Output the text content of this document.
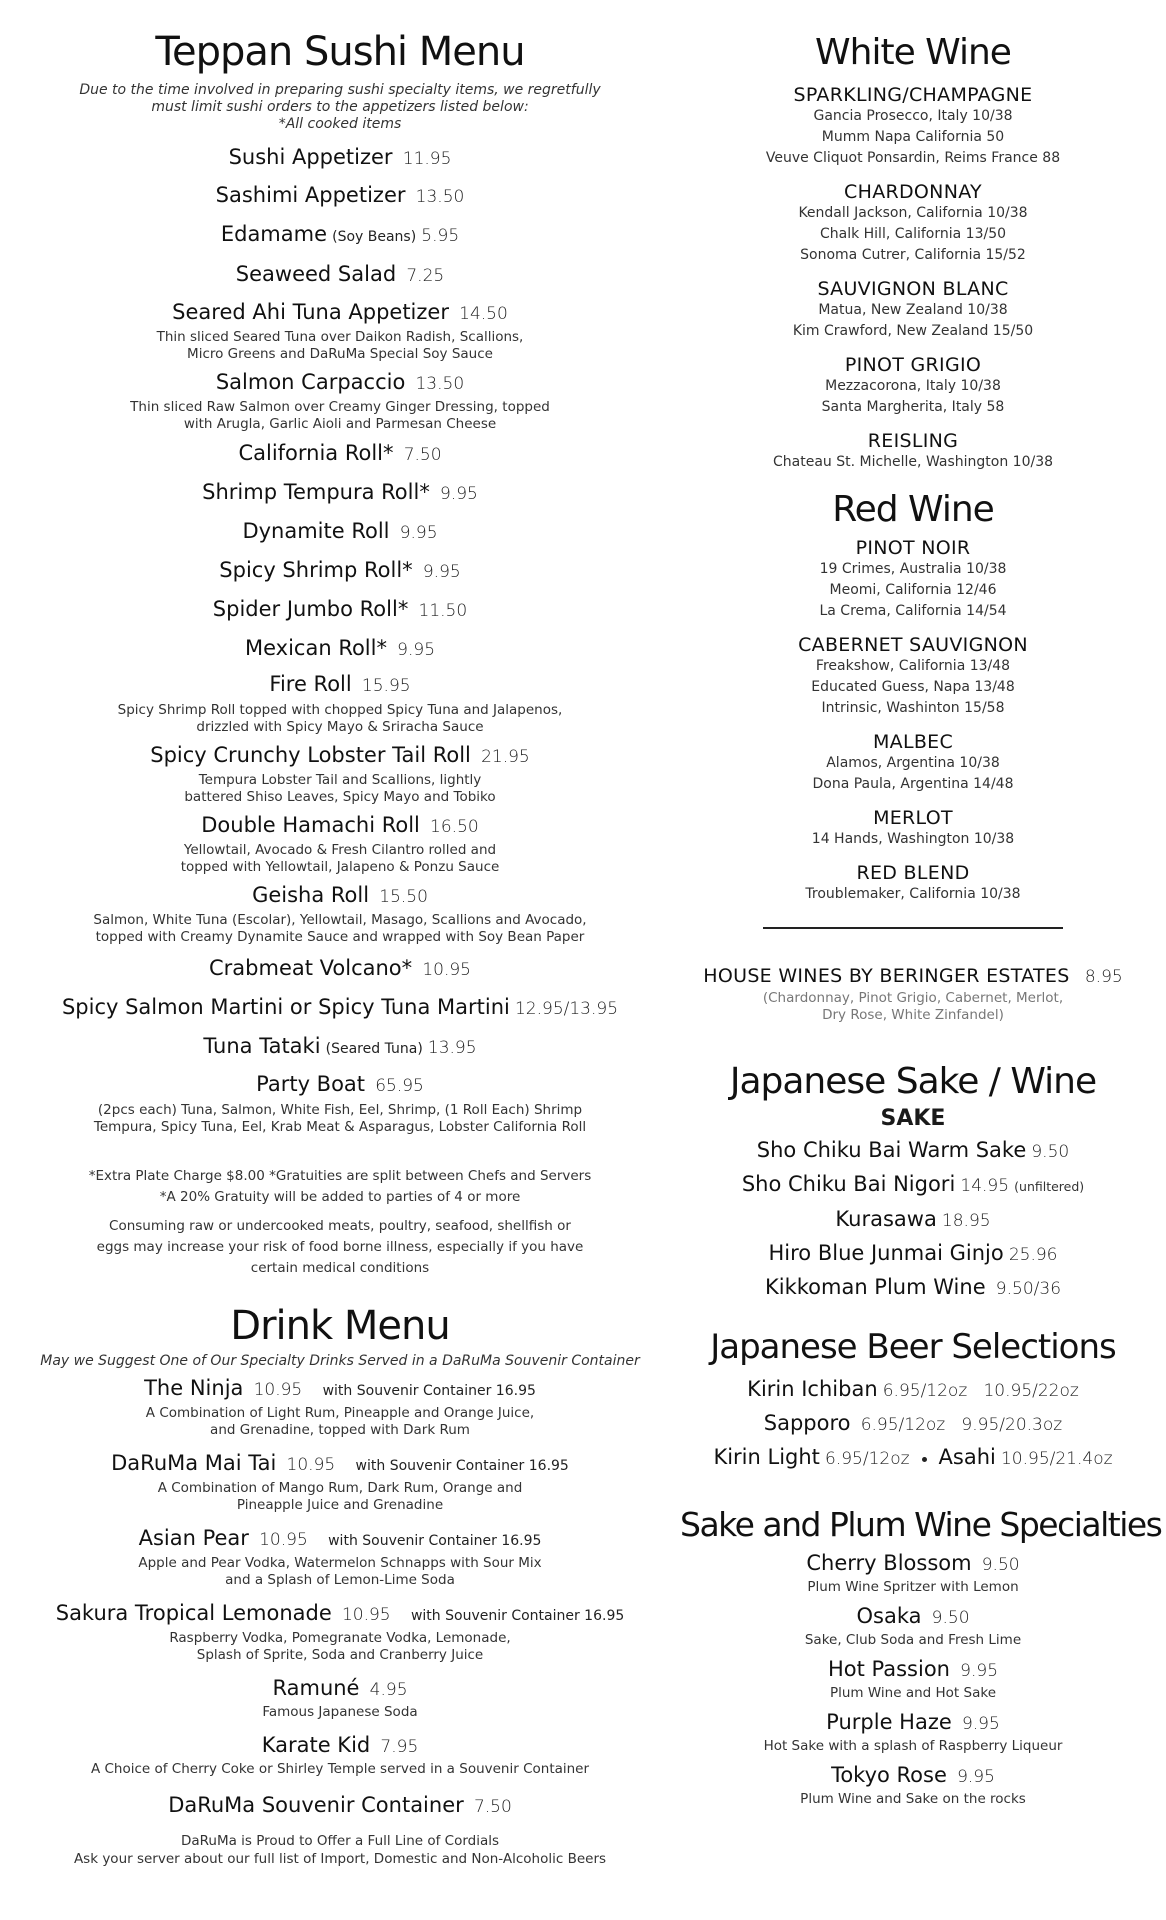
Teppan Sushi Menu
Due to the time involved in preparing sushi specialty items, we regretfully
must limit sushi orders to the appetizers listed below:
*All cooked items
Sushi Appetizer 11.95
Sashimi Appetizer 13.50
Edamame (Soy Beans) 5.95
Seaweed Salad 7.25
Seared Ahi Tuna Appetizer 14.50
Thin sliced Seared Tuna over Daikon Radish, Scallions,
Micro Greens and DaRuMa Special Soy Sauce
Salmon Carpaccio 13.50
Thin sliced Raw Salmon over Creamy Ginger Dressing, topped
with Arugla, Garlic Aioli and Parmesan Cheese
California Roll* 7.50
Shrimp Tempura Roll* 9.95
Dynamite Roll 9.95
Spicy Shrimp Roll* 9.95
Spider Jumbo Roll* 11.50
Mexican Roll* 9.95
Fire Roll 15.95
Spicy Shrimp Roll topped with chopped Spicy Tuna and Jalapenos,
drizzled with Spicy Mayo & Sriracha Sauce
Spicy Crunchy Lobster Tail Roll 21.95
Tempura Lobster Tail and Scallions, lightly
battered Shiso Leaves, Spicy Mayo and Tobiko
Double Hamachi Roll 16.50
Yellowtail, Avocado & Fresh Cilantro rolled and
topped with Yellowtail, Jalapeno & Ponzu Sauce
Geisha Roll 15.50
Salmon, White Tuna (Escolar), Yellowtail, Masago, Scallions and Avocado,
topped with Creamy Dynamite Sauce and wrapped with Soy Bean Paper
Crabmeat Volcano* 10.95
Spicy Salmon Martini or Spicy Tuna Martini 12.95/13.95
Tuna Tataki (Seared Tuna) 13.95
Party Boat 65.95
(2pcs each) Tuna, Salmon, White Fish, Eel, Shrimp, (1 Roll Each) Shrimp
Tempura, Spicy Tuna, Eel, Krab Meat & Asparagus, Lobster California Roll
*Extra Plate Charge $8.00 *Gratuities are split between Chefs and Servers
*A 20% Gratuity will be added to parties of 4 or more
Consuming raw or undercooked meats, poultry, seafood, shellfish or
eggs may increase your risk of food borne illness, especially if you have
certain medical conditions
Drink Menu
May we Suggest One of Our Specialty Drinks Served in a DaRuMa Souvenir Container
The Ninja 10.95 with Souvenir Container 16.95
A Combination of Light Rum, Pineapple and Orange Juice,
and Grenadine, topped with Dark Rum
DaRuMa Mai Tai 10.95 with Souvenir Container 16.95
A Combination of Mango Rum, Dark Rum, Orange and
Pineapple Juice and Grenadine
Asian Pear 10.95 with Souvenir Container 16.95
Apple and Pear Vodka, Watermelon Schnapps with Sour Mix
and a Splash of Lemon-Lime Soda
Sakura Tropical Lemonade 10.95 with Souvenir Container 16.95
Raspberry Vodka, Pomegranate Vodka, Lemonade,
Splash of Sprite, Soda and Cranberry Juice
Ramuné 4.95
Famous Japanese Soda
Karate Kid 7.95
A Choice of Cherry Coke or Shirley Temple served in a Souvenir Container
DaRuMa Souvenir Container 7.50
DaRuMa is Proud to Offer a Full Line of Cordials
Ask your server about our full list of Import, Domestic and Non-Alcoholic Beers
White Wine
SPARKLING/CHAMPAGNE
Gancia Prosecco, Italy 10/38
Mumm Napa California 50
Veuve Cliquot Ponsardin, Reims France 88
CHARDONNAY
Kendall Jackson, California 10/38
Chalk Hill, California 13/50
Sonoma Cutrer, California 15/52
SAUVIGNON BLANC
Matua, New Zealand 10/38
Kim Crawford, New Zealand 15/50
PINOT GRIGIO
Mezzacorona, Italy 10/38
Santa Margherita, Italy 58
REISLING
Chateau St. Michelle, Washington 10/38
Red Wine
PINOT NOIR
19 Crimes, Australia 10/38
Meomi, California 12/46
La Crema, California 14/54
CABERNET SAUVIGNON
Freakshow, California 13/48
Educated Guess, Napa 13/48
Intrinsic, Washinton 15/58
MALBEC
Alamos, Argentina 10/38
Dona Paula, Argentina 14/48
MERLOT
14 Hands, Washington 10/38
RED BLEND
Troublemaker, California 10/38
HOUSE WINES BY BERINGER ESTATES 8.95
(Chardonnay, Pinot Grigio, Cabernet, Merlot,
Dry Rose, White Zinfandel)
Japanese Sake / Wine
SAKE
Sho Chiku Bai Warm Sake 9.50
Sho Chiku Bai Nigori 14.95 (unfiltered)
Kurasawa 18.95
Hiro Blue Junmai Ginjo 25.96
Kikkoman Plum Wine 9.50/36
Japanese Beer Selections
Kirin Ichiban 6.95/12oz   10.95/22oz
Sapporo 6.95/12oz   9.95/20.3oz
Kirin Light 6.95/12oz Asahi 10.95/21.4oz
Sake and Plum Wine Specialties
Cherry Blossom 9.50
Plum Wine Spritzer with Lemon
Osaka 9.50
Sake, Club Soda and Fresh Lime
Hot Passion 9.95
Plum Wine and Hot Sake
Purple Haze 9.95
Hot Sake with a splash of Raspberry Liqueur
Tokyo Rose 9.95
Plum Wine and Sake on the rocks
